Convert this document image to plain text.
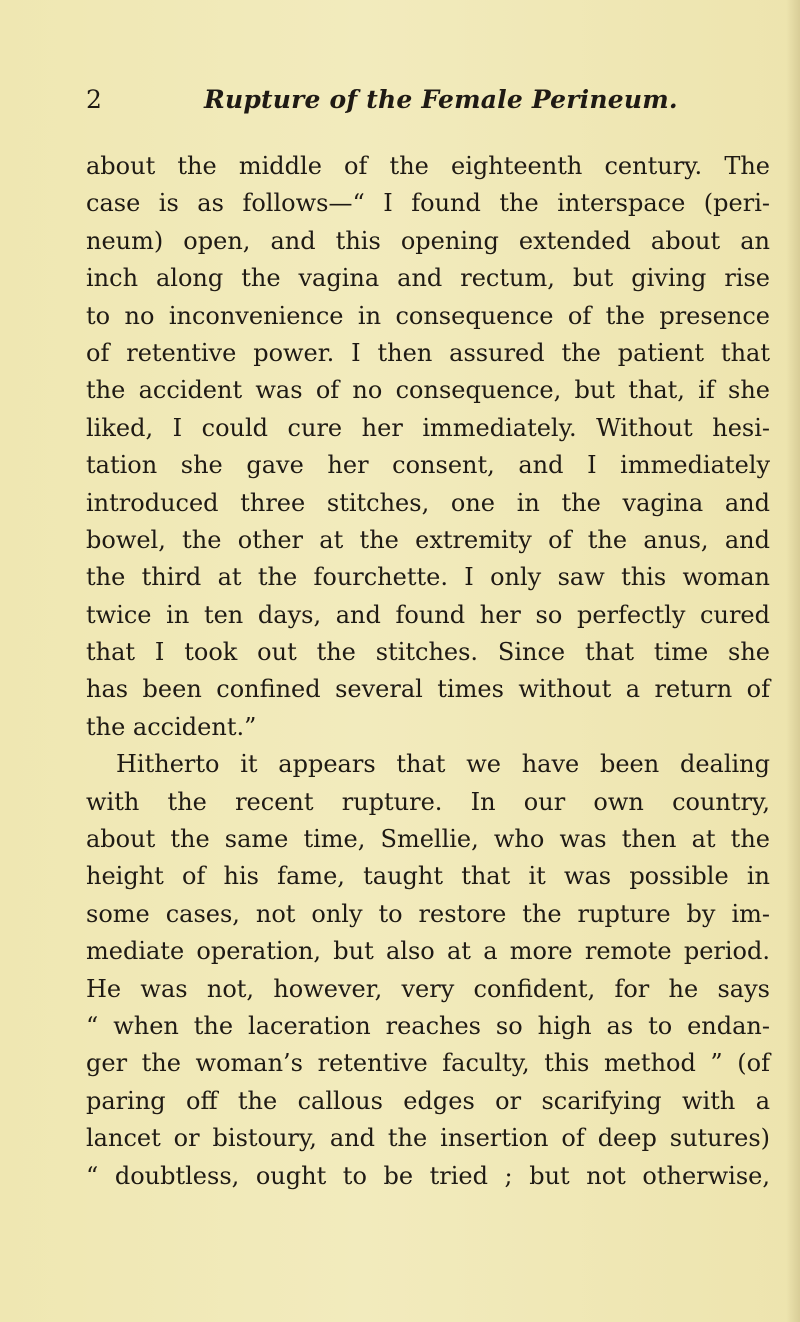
2	Rupture of the Female Perineum.
about the middle of the eighteenth century. The
case is as follows—“ I found the interspace (peri-
neum) open, and this opening extended about an
inch along the vagina and rectum, but giving rise
to no inconvenience in consequence of the presence
of retentive power. I then assured the patient that
the accident was of no consequence, but that, if she
liked, I could cure her immediately. Without hesi-
tation she gave her consent, and I immediately
introduced three stitches, one in the vagina and
bowel, the other at the extremity of the anus, and
the third at the fourchette. I only saw this woman
twice in ten days, and found her so perfectly cured
that I took out the stitches. Since that time she
has been confined several times without a return of
the accident.”
Hitherto it appears that we have been dealing
with the recent rupture. In our own country,
about the same time, Smellie, who was then at the
height of his fame, taught that it was possible in
some cases, not only to restore the rupture by im-
mediate operation, but also at a more remote period.
He was not, however, very confident, for he says
“ when the laceration reaches so high as to endan-
ger the woman’s retentive faculty, this method ” (of
paring off the callous edges or scarifying with a
lancet or bistoury, and the insertion of deep sutures)
“ doubtless, ought to be tried ; but not otherwise,
